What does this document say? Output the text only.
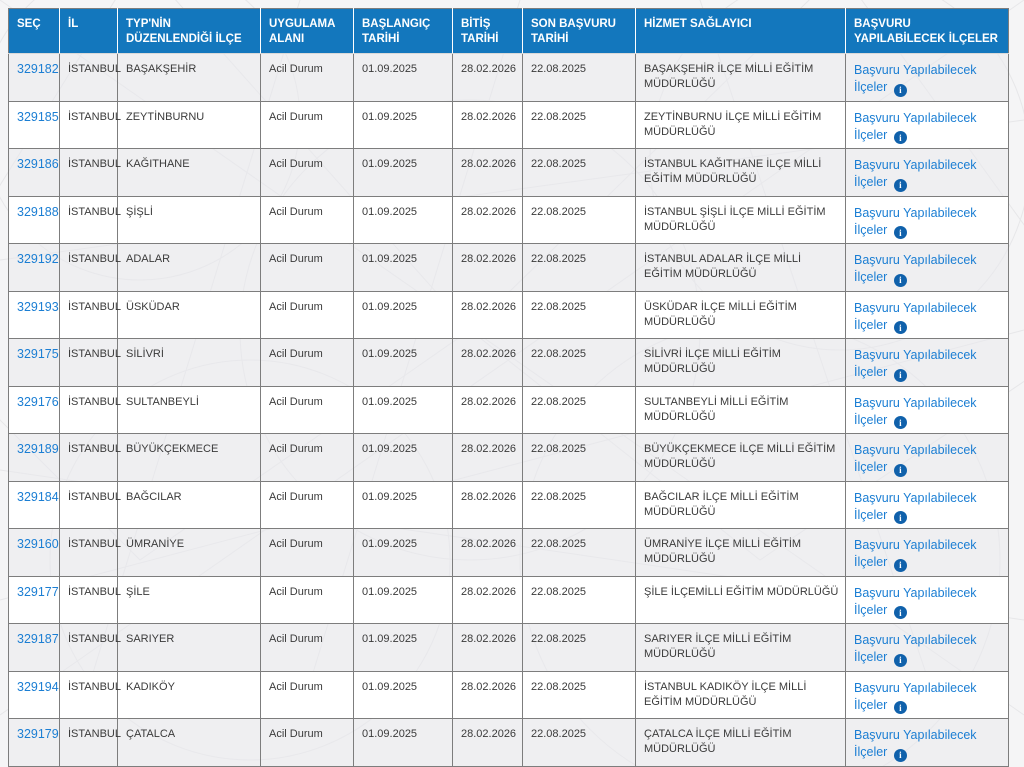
SEÇ	İL	TYP'NİN DÜZENLENDİĞİ İLÇE	UYGULAMA ALANI	BAŞLANGIÇ TARİHİ	BİTİŞ TARİHİ	SON BAŞVURU TARİHİ	HİZMET SAĞLAYICI	BAŞVURU YAPILABİLECEK İLÇELER
329182	İSTANBUL	BAŞAKŞEHİR	Acil Durum	01.09.2025	28.02.2026	22.08.2025	BAŞAKŞEHİR İLÇE MİLLİ EĞİTİM MÜDÜRLÜĞÜ	Başvuru Yapılabilecek İlçeler i
329185	İSTANBUL	ZEYTİNBURNU	Acil Durum	01.09.2025	28.02.2026	22.08.2025	ZEYTİNBURNU İLÇE MİLLİ EĞİTİM MÜDÜRLÜĞÜ	Başvuru Yapılabilecek İlçeler i
329186	İSTANBUL	KAĞITHANE	Acil Durum	01.09.2025	28.02.2026	22.08.2025	İSTANBUL KAĞITHANE İLÇE MİLLİ EĞİTİM MÜDÜRLÜĞÜ	Başvuru Yapılabilecek İlçeler i
329188	İSTANBUL	ŞİŞLİ	Acil Durum	01.09.2025	28.02.2026	22.08.2025	İSTANBUL ŞİŞLİ İLÇE MİLLİ EĞİTİM MÜDÜRLÜĞÜ	Başvuru Yapılabilecek İlçeler i
329192	İSTANBUL	ADALAR	Acil Durum	01.09.2025	28.02.2026	22.08.2025	İSTANBUL ADALAR İLÇE MİLLİ EĞİTİM MÜDÜRLÜĞÜ	Başvuru Yapılabilecek İlçeler i
329193	İSTANBUL	ÜSKÜDAR	Acil Durum	01.09.2025	28.02.2026	22.08.2025	ÜSKÜDAR İLÇE MİLLİ EĞİTİM MÜDÜRLÜĞÜ	Başvuru Yapılabilecek İlçeler i
329175	İSTANBUL	SİLİVRİ	Acil Durum	01.09.2025	28.02.2026	22.08.2025	SİLİVRİ İLÇE MİLLİ EĞİTİM MÜDÜRLÜĞÜ	Başvuru Yapılabilecek İlçeler i
329176	İSTANBUL	SULTANBEYLİ	Acil Durum	01.09.2025	28.02.2026	22.08.2025	SULTANBEYLİ MİLLİ EĞİTİM MÜDÜRLÜĞÜ	Başvuru Yapılabilecek İlçeler i
329189	İSTANBUL	BÜYÜKÇEKMECE	Acil Durum	01.09.2025	28.02.2026	22.08.2025	BÜYÜKÇEKMECE İLÇE MİLLİ EĞİTİM MÜDÜRLÜĞÜ	Başvuru Yapılabilecek İlçeler i
329184	İSTANBUL	BAĞCILAR	Acil Durum	01.09.2025	28.02.2026	22.08.2025	BAĞCILAR İLÇE MİLLİ EĞİTİM MÜDÜRLÜĞÜ	Başvuru Yapılabilecek İlçeler i
329160	İSTANBUL	ÜMRANİYE	Acil Durum	01.09.2025	28.02.2026	22.08.2025	ÜMRANİYE İLÇE MİLLİ EĞİTİM MÜDÜRLÜĞÜ	Başvuru Yapılabilecek İlçeler i
329177	İSTANBUL	ŞİLE	Acil Durum	01.09.2025	28.02.2026	22.08.2025	ŞİLE İLÇEMİLLİ EĞİTİM MÜDÜRLÜĞÜ	Başvuru Yapılabilecek İlçeler i
329187	İSTANBUL	SARIYER	Acil Durum	01.09.2025	28.02.2026	22.08.2025	SARIYER İLÇE MİLLİ EĞİTİM MÜDÜRLÜĞÜ	Başvuru Yapılabilecek İlçeler i
329194	İSTANBUL	KADIKÖY	Acil Durum	01.09.2025	28.02.2026	22.08.2025	İSTANBUL KADIKÖY İLÇE MİLLİ EĞİTİM MÜDÜRLÜĞÜ	Başvuru Yapılabilecek İlçeler i
329179	İSTANBUL	ÇATALCA	Acil Durum	01.09.2025	28.02.2026	22.08.2025	ÇATALCA İLÇE MİLLİ EĞİTİM MÜDÜRLÜĞÜ	Başvuru Yapılabilecek İlçeler i
